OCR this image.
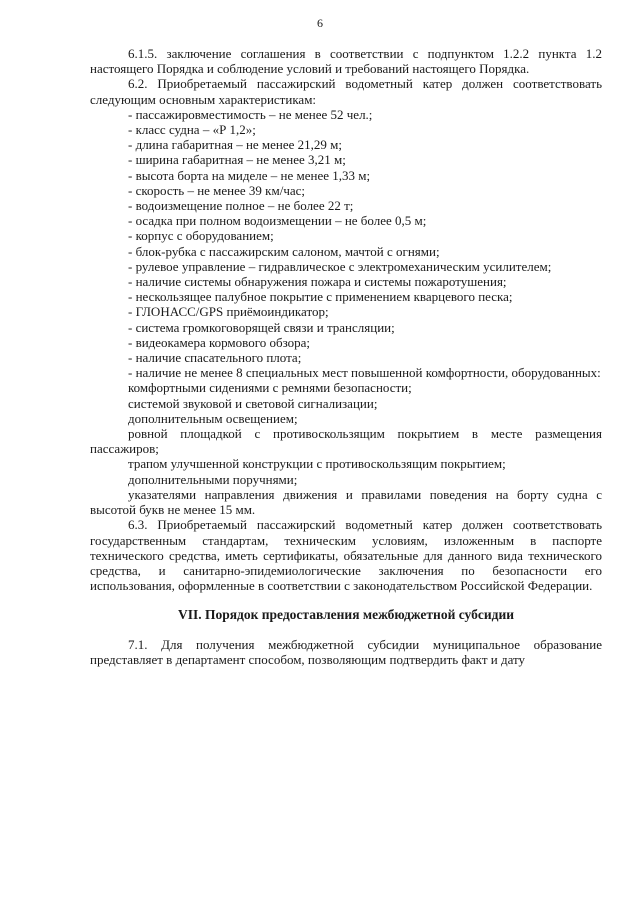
6

6.1.5. заключение соглашения в соответствии с подпунктом 1.2.2 пункта 1.2 настоящего Порядка и соблюдение условий и требований настоящего Порядка.

6.2. Приобретаемый пассажирский водометный катер должен соответствовать следующим основным характеристикам:

- пассажировместимость – не менее 52 чел.;

- класс судна – «Р 1,2»;

- длина габаритная – не менее 21,29 м;

- ширина габаритная – не менее 3,21 м;

- высота борта на миделе – не менее 1,33 м;

- скорость – не менее 39 км/час;

- водоизмещение полное – не более 22 т;

- осадка при полном водоизмещении – не более 0,5 м;

- корпус с оборудованием;

- блок-рубка с пассажирским салоном, мачтой с огнями;

- рулевое управление – гидравлическое с электромеханическим усилителем;

- наличие системы обнаружения пожара и системы пожаротушения;

- нескользящее палубное покрытие с применением кварцевого песка;

- ГЛОНАСС/GPS приёмоиндикатор;

- система громкоговорящей связи и трансляции;

- видеокамера кормового обзора;

- наличие спасательного плота;

- наличие не менее 8 специальных мест повышенной комфортности, оборудованных:

комфортными сидениями с ремнями безопасности;

системой звуковой и световой сигнализации;

дополнительным освещением;

ровной площадкой с противоскользящим покрытием в месте размещения пассажиров;

трапом улучшенной конструкции с противоскользящим покрытием;

дополнительными поручнями;

указателями направления движения и правилами поведения на борту судна с высотой букв не менее 15 мм.

6.3. Приобретаемый пассажирский водометный катер должен соответствовать государственным стандартам, техническим условиям, изложенным в паспорте технического средства, иметь сертификаты, обязательные для данного вида технического средства, и санитарно-эпидемиологические заключения по безопасности его использования, оформленные в соответствии с законодательством Российской Федерации.

VII. Порядок предоставления межбюджетной субсидии

7.1. Для получения межбюджетной субсидии муниципальное образование представляет в департамент способом, позволяющим подтвердить факт и дату
